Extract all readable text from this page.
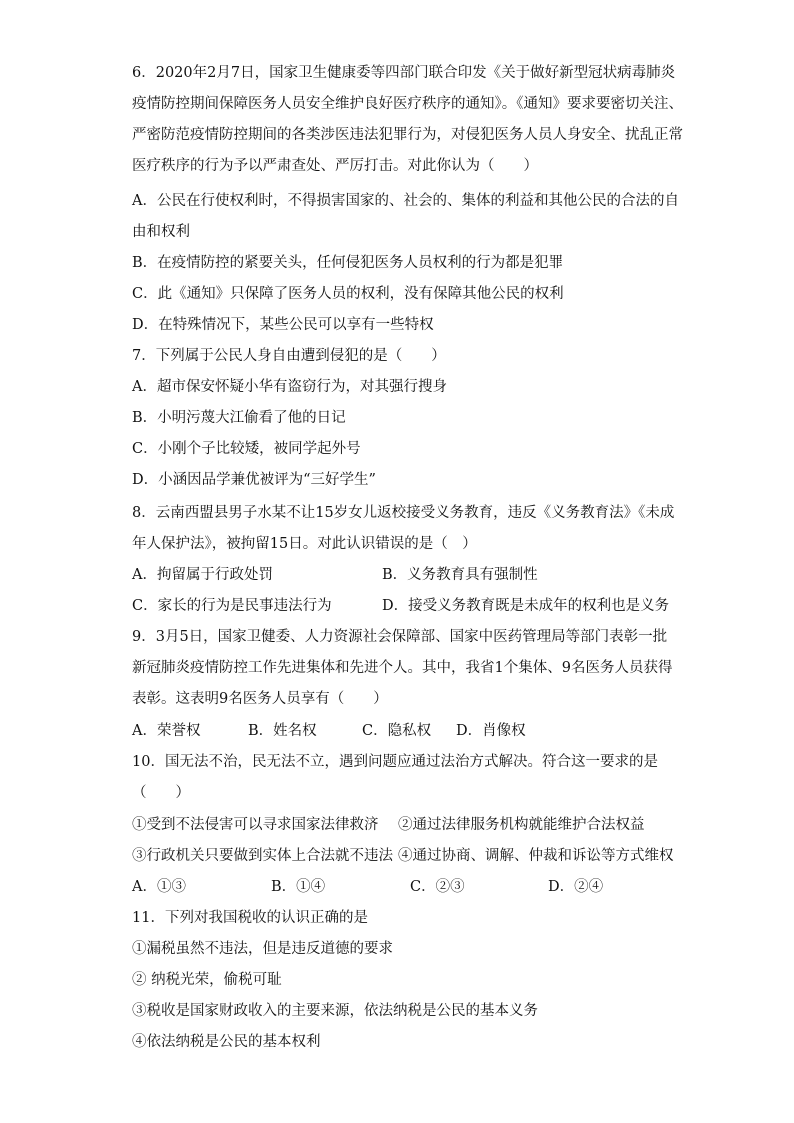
6．2020年2月7日，国家卫生健康委等四部门联合印发《关于做好新型冠状病毒肺炎
疫情防控期间保障医务人员安全维护良好医疗秩序的通知》。《通知》要求要密切关注、
严密防范疫情防控期间的各类涉医违法犯罪行为，对侵犯医务人员人身安全、扰乱正常
医疗秩序的行为予以严肃查处、严厉打击。对此你认为（　　）
A．公民在行使权利时，不得损害国家的、社会的、集体的利益和其他公民的合法的自
由和权利
B．在疫情防控的紧要关头，任何侵犯医务人员权利的行为都是犯罪
C．此《通知》只保障了医务人员的权利，没有保障其他公民的权利
D．在特殊情况下，某些公民可以享有一些特权
7．下列属于公民人身自由遭到侵犯的是（　　）
A．超市保安怀疑小华有盗窃行为，对其强行搜身
B．小明污蔑大江偷看了他的日记
C．小刚个子比较矮，被同学起外号
D．小涵因品学兼优被评为“三好学生”
8．云南西盟县男子水某不让15岁女儿返校接受义务教育，违反《义务教育法》《未成
年人保护法》，被拘留15日。对此认识错误的是（　）
A．拘留属于行政处罚	B．义务教育具有强制性
C．家长的行为是民事违法行为	D．接受义务教育既是未成年的权利也是义务
9．3月5日，国家卫健委、人力资源社会保障部、国家中医药管理局等部门表彰一批
新冠肺炎疫情防控工作先进集体和先进个人。其中，我省1个集体、9名医务人员获得
表彰。这表明9名医务人员享有（　　）
A．荣誉权	B．姓名权	C．隐私权 D．肖像权
10．国无法不治，民无法不立，遇到问题应通过法治方式解决。符合这一要求的是
（　　）
①受到不法侵害可以寻求国家法律救济 ②通过法律服务机构就能维护合法权益
③行政机关只要做到实体上合法就不违法 ④通过协商、调解、仲裁和诉讼等方式维权
A．①③	B．①④	C．②③	D．②④
11．下列对我国税收的认识正确的是
①漏税虽然不违法，但是违反道德的要求
② 纳税光荣，偷税可耻
③税收是国家财政收入的主要来源，依法纳税是公民的基本义务
④依法纳税是公民的基本权利
